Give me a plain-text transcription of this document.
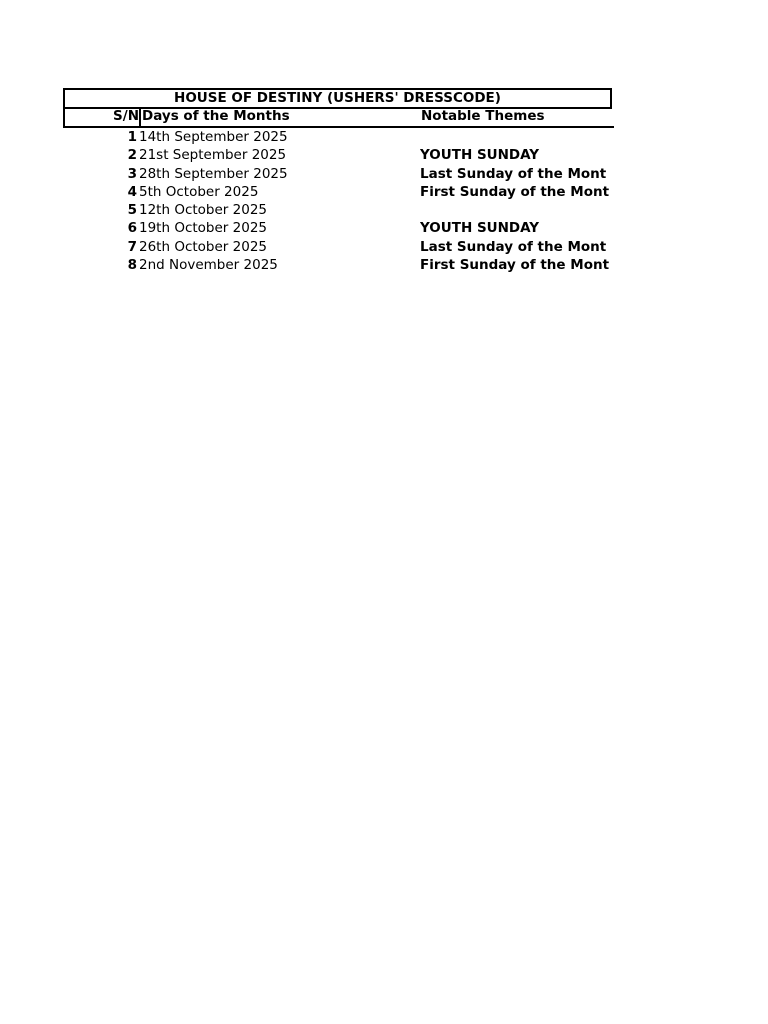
HOUSE OF DESTINY (USHERS' DRESSCODE)
S/N Days of the Months	Notable Themes
1 14th September 2025
2 21st September 2025	YOUTH SUNDAY
3 28th September 2025	Last Sunday of the Mont
4 5th October 2025	First Sunday of the Mont
5 12th October 2025
6 19th October 2025	YOUTH SUNDAY
7 26th October 2025	Last Sunday of the Mont
8 2nd November 2025	First Sunday of the Mont
